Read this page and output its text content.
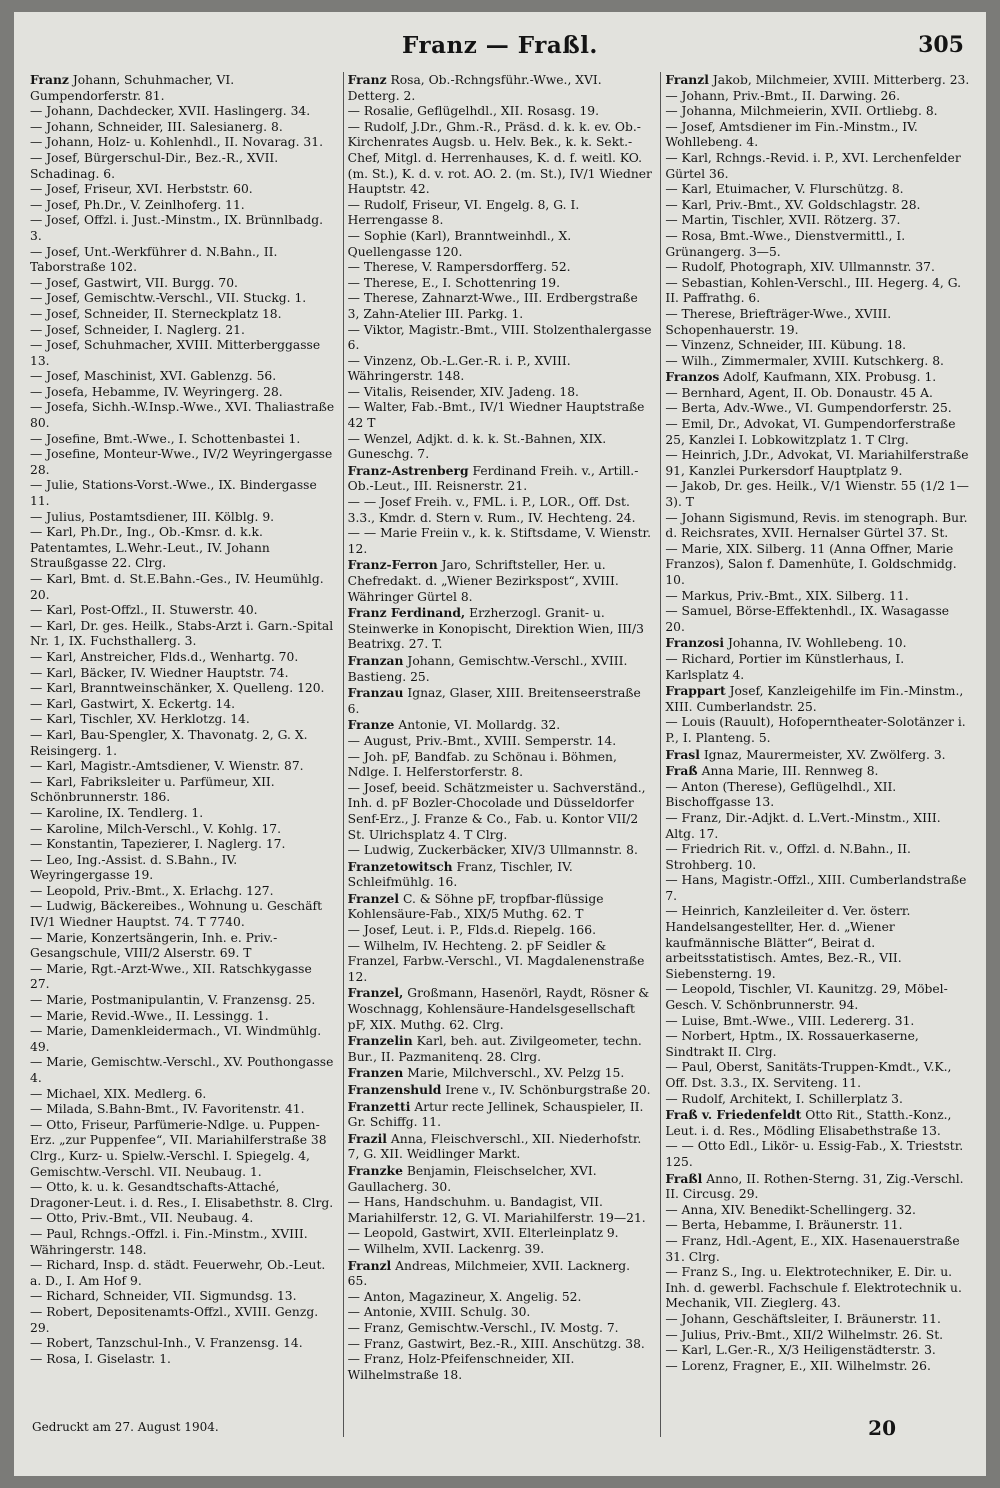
Franz — Fraßl.	305

Franz Johann, Schuhmacher, VI. Gumpendorferstr. 81.

— Johann, Dachdecker, XVII. Haslingerg. 34.

— Johann, Schneider, III. Salesianerg. 8.

— Johann, Holz- u. Kohlenhdl., II. Novarag. 31.

— Josef, Bürgerschul-Dir., Bez.-R., XVII. Schadinag. 6.

— Josef, Friseur, XVI. Herbststr. 60.

— Josef, Ph.Dr., V. Zeinlhoferg. 11.

— Josef, Offzl. i. Just.-Minstm., IX. Brünnlbadg. 3.

— Josef, Unt.-Werkführer d. N.Bahn., II. Taborstraße 102.

— Josef, Gastwirt, VII. Burgg. 70.

— Josef, Gemischtw.-Verschl., VII. Stuckg. 1.

— Josef, Schneider, II. Sterneckplatz 18.

— Josef, Schneider, I. Naglerg. 21.

— Josef, Schuhmacher, XVIII. Mitterberggasse 13.

— Josef, Maschinist, XVI. Gablenzg. 56.

— Josefa, Hebamme, IV. Weyringerg. 28.

— Josefa, Sichh.-W.Insp.-Wwe., XVI. Thaliastraße 80.

— Josefine, Bmt.-Wwe., I. Schottenbastei 1.

— Josefine, Monteur-Wwe., IV/2 Weyringergasse 28.

— Julie, Stations-Vorst.-Wwe., IX. Bindergasse 11.

— Julius, Postamtsdiener, III. Kölblg. 9.

— Karl, Ph.Dr., Ing., Ob.-Kmsr. d. k.k. Patentamtes, L.Wehr.-Leut., IV. Johann Straußgasse 22. Clrg.

— Karl, Bmt. d. St.E.Bahn.-Ges., IV. Heumühlg. 20.

— Karl, Post-Offzl., II. Stuwerstr. 40.

— Karl, Dr. ges. Heilk., Stabs-Arzt i. Garn.-Spital Nr. 1, IX. Fuchsthallerg. 3.

— Karl, Anstreicher, Flds.d., Wenhartg. 70.

— Karl, Bäcker, IV. Wiedner Hauptstr. 74.

— Karl, Branntweinschänker, X. Quelleng. 120.

— Karl, Gastwirt, X. Eckertg. 14.

— Karl, Tischler, XV. Herklotzg. 14.

— Karl, Bau-Spengler, X. Thavonatg. 2, G. X. Reisingerg. 1.

— Karl, Magistr.-Amtsdiener, V. Wienstr. 87.

— Karl, Fabriksleiter u. Parfümeur, XII. Schönbrunnerstr. 186.

— Karoline, IX. Tendlerg. 1.

— Karoline, Milch-Verschl., V. Kohlg. 17.

— Konstantin, Tapezierer, I. Naglerg. 17.

— Leo, Ing.-Assist. d. S.Bahn., IV. Weyringergasse 19.

— Leopold, Priv.-Bmt., X. Erlachg. 127.

— Ludwig, Bäckereibes., Wohnung u. Geschäft IV/1 Wiedner Hauptst. 74. T 7740.

— Marie, Konzertsängerin, Inh. e. Priv.-Gesangschule, VIII/2 Alserstr. 69. T

— Marie, Rgt.-Arzt-Wwe., XII. Ratschkygasse 27.

— Marie, Postmanipulantin, V. Franzensg. 25.

— Marie, Revid.-Wwe., II. Lessingg. 1.

— Marie, Damenkleidermach., VI. Windmühlg. 49.

— Marie, Gemischtw.-Verschl., XV. Pouthongasse 4.

— Michael, XIX. Medlerg. 6.

— Milada, S.Bahn-Bmt., IV. Favoritenstr. 41.

— Otto, Friseur, Parfümerie-Ndlge. u. Puppen-Erz. „zur Puppenfee“, VII. Mariahilferstraße 38 Clrg., Kurz- u. Spielw.-Verschl. I. Spiegelg. 4, Gemischtw.-Verschl. VII. Neubaug. 1.

— Otto, k. u. k. Gesandtschafts-Attaché, Dragoner-Leut. i. d. Res., I. Elisabethstr. 8. Clrg.

— Otto, Priv.-Bmt., VII. Neubaug. 4.

— Paul, Rchngs.-Offzl. i. Fin.-Minstm., XVIII. Währingerstr. 148.

— Richard, Insp. d. städt. Feuerwehr, Ob.-Leut. a. D., I. Am Hof 9.

— Richard, Schneider, VII. Sigmundsg. 13.

— Robert, Depositenamts-Offzl., XVIII. Genzg. 29.

— Robert, Tanzschul-Inh., V. Franzensg. 14.

— Rosa, I. Giselastr. 1.

Franz Rosa, Ob.-Rchngsführ.-Wwe., XVI. Detterg. 2.

— Rosalie, Geflügelhdl., XII. Rosasg. 19.

— Rudolf, J.Dr., Ghm.-R., Präsd. d. k. k. ev. Ob.-Kirchenrates Augsb. u. Helv. Bek., k. k. Sekt.-Chef, Mitgl. d. Herrenhauses, K. d. f. weitl. KO. (m. St.), K. d. v. rot. AO. 2. (m. St.), IV/1 Wiedner Hauptstr. 42.

— Rudolf, Friseur, VI. Engelg. 8, G. I. Herrengasse 8.

— Sophie (Karl), Branntweinhdl., X. Quellengasse 120.

— Therese, V. Rampersdorfferg. 52.

— Therese, E., I. Schottenring 19.

— Therese, Zahnarzt-Wwe., III. Erdbergstraße 3, Zahn-Atelier III. Parkg. 1.

— Viktor, Magistr.-Bmt., VIII. Stolzenthalergasse 6.

— Vinzenz, Ob.-L.Ger.-R. i. P., XVIII. Währingerstr. 148.

— Vitalis, Reisender, XIV. Jadeng. 18.

— Walter, Fab.-Bmt., IV/1 Wiedner Hauptstraße 42 T

— Wenzel, Adjkt. d. k. k. St.-Bahnen, XIX. Guneschg. 7.

Franz-Astrenberg Ferdinand Freih. v., Artill.-Ob.-Leut., III. Reisnerstr. 21.

— — Josef Freih. v., FML. i. P., LOR., Off. Dst. 3.3., Kmdr. d. Stern v. Rum., IV. Hechteng. 24.

— — Marie Freiin v., k. k. Stiftsdame, V. Wienstr. 12.

Franz-Ferron Jaro, Schriftsteller, Her. u. Chefredakt. d. „Wiener Bezirkspost“, XVIII. Währinger Gürtel 8.

Franz Ferdinand, Erzherzogl. Granit- u. Steinwerke in Konopischt, Direktion Wien, III/3 Beatrixg. 27. T.

Franzan Johann, Gemischtw.-Verschl., XVIII. Bastieng. 25.

Franzau Ignaz, Glaser, XIII. Breitenseerstraße 6.

Franze Antonie, VI. Mollardg. 32.

— August, Priv.-Bmt., XVIII. Semperstr. 14.

— Joh. pF, Bandfab. zu Schönau i. Böhmen, Ndlge. I. Helferstorferstr. 8.

— Josef, beeid. Schätzmeister u. Sachverständ., Inh. d. pF Bozler-Chocolade und Düsseldorfer Senf-Erz., J. Franze & Co., Fab. u. Kontor VII/2 St. Ulrichsplatz 4. T Clrg.

— Ludwig, Zuckerbäcker, XIV/3 Ullmannstr. 8.

Franzetowitsch Franz, Tischler, IV. Schleifmühlg. 16.

Franzel C. & Söhne pF, tropfbar-flüssige Kohlensäure-Fab., XIX/5 Muthg. 62. T

— Josef, Leut. i. P., Flds.d. Riepelg. 166.

— Wilhelm, IV. Hechteng. 2. pF Seidler & Franzel, Farbw.-Verschl., VI. Magdalenenstraße 12.

Franzel, Großmann, Hasenörl, Raydt, Rösner & Woschnagg, Kohlensäure-Handelsgesellschaft pF, XIX. Muthg. 62. Clrg.

Franzelin Karl, beh. aut. Zivilgeometer, techn. Bur., II. Pazmanitenq. 28. Clrg.

Franzen Marie, Milchverschl., XV. Pelzg 15.

Franzenshuld Irene v., IV. Schönburgstraße 20.

Franzetti Artur recte Jellinek, Schauspieler, II. Gr. Schiffg. 11.

Frazil Anna, Fleischverschl., XII. Niederhofstr. 7, G. XII. Weidlinger Markt.

Franzke Benjamin, Fleischselcher, XVI. Gaullacherg. 30.

— Hans, Handschuhm. u. Bandagist, VII. Mariahilferstr. 12, G. VI. Mariahilferstr. 19—21.

— Leopold, Gastwirt, XVII. Elterleinplatz 9.

— Wilhelm, XVII. Lackenrg. 39.

Franzl Andreas, Milchmeier, XVII. Lacknerg. 65.

— Anton, Magazineur, X. Angelig. 52.

— Antonie, XVIII. Schulg. 30.

— Franz, Gemischtw.-Verschl., IV. Mostg. 7.

— Franz, Gastwirt, Bez.-R., XIII. Anschützg. 38.

— Franz, Holz-Pfeifenschneider, XII. Wilhelmstraße 18.

Franzl Jakob, Milchmeier, XVIII. Mitterberg. 23.

— Johann, Priv.-Bmt., II. Darwing. 26.

— Johanna, Milchmeierin, XVII. Ortliebg. 8.

— Josef, Amtsdiener im Fin.-Minstm., IV. Wohllebeng. 4.

— Karl, Rchngs.-Revid. i. P., XVI. Lerchenfelder Gürtel 36.

— Karl, Etuimacher, V. Flurschützg. 8.

— Karl, Priv.-Bmt., XV. Goldschlagstr. 28.

— Martin, Tischler, XVII. Rötzerg. 37.

— Rosa, Bmt.-Wwe., Dienstvermittl., I. Grünangerg. 3—5.

— Rudolf, Photograph, XIV. Ullmannstr. 37.

— Sebastian, Kohlen-Verschl., III. Hegerg. 4, G. II. Paffrathg. 6.

— Therese, Briefträger-Wwe., XVIII. Schopenhauerstr. 19.

— Vinzenz, Schneider, III. Kübung. 18.

— Wilh., Zimmermaler, XVIII. Kutschkerg. 8.

Franzos Adolf, Kaufmann, XIX. Probusg. 1.

— Bernhard, Agent, II. Ob. Donaustr. 45 A.

— Berta, Adv.-Wwe., VI. Gumpendorferstr. 25.

— Emil, Dr., Advokat, VI. Gumpendorferstraße 25, Kanzlei I. Lobkowitzplatz 1. T Clrg.

— Heinrich, J.Dr., Advokat, VI. Mariahilferstraße 91, Kanzlei Purkersdorf Hauptplatz 9.

— Jakob, Dr. ges. Heilk., V/1 Wienstr. 55 (1/2 1—3). T

— Johann Sigismund, Revis. im stenograph. Bur. d. Reichsrates, XVII. Hernalser Gürtel 37. St.

— Marie, XIX. Silberg. 11 (Anna Offner, Marie Franzos), Salon f. Damenhüte, I. Goldschmidg. 10.

— Markus, Priv.-Bmt., XIX. Silberg. 11.

— Samuel, Börse-Effektenhdl., IX. Wasagasse 20.

Franzosi Johanna, IV. Wohllebeng. 10.

— Richard, Portier im Künstlerhaus, I. Karlsplatz 4.

Frappart Josef, Kanzleigehilfe im Fin.-Minstm., XIII. Cumberlandstr. 25.

— Louis (Rauult), Hofoperntheater-Solotänzer i. P., I. Planteng. 5.

Frasl Ignaz, Maurermeister, XV. Zwölferg. 3.

Fraß Anna Marie, III. Rennweg 8.

— Anton (Therese), Geflügelhdl., XII. Bischoffgasse 13.

— Franz, Dir.-Adjkt. d. L.Vert.-Minstm., XIII. Altg. 17.

— Friedrich Rit. v., Offzl. d. N.Bahn., II. Strohberg. 10.

— Hans, Magistr.-Offzl., XIII. Cumberlandstraße 7.

— Heinrich, Kanzleileiter d. Ver. österr. Handelsangestellter, Her. d. „Wiener kaufmännische Blätter“, Beirat d. arbeitsstatistisch. Amtes, Bez.-R., VII. Siebensterng. 19.

— Leopold, Tischler, VI. Kaunitzg. 29, Möbel-Gesch. V. Schönbrunnerstr. 94.

— Luise, Bmt.-Wwe., VIII. Ledererg. 31.

— Norbert, Hptm., IX. Rossauerkaserne, Sindtrakt II. Clrg.

— Paul, Oberst, Sanitäts-Truppen-Kmdt., V.K., Off. Dst. 3.3., IX. Serviteng. 11.

— Rudolf, Architekt, I. Schillerplatz 3.

Fraß v. Friedenfeldt Otto Rit., Statth.-Konz., Leut. i. d. Res., Mödling Elisabethstraße 13.

— — Otto Edl., Likör- u. Essig-Fab., X. Trieststr. 125.

Fraßl Anno, II. Rothen-Sterng. 31, Zig.-Verschl. II. Circusg. 29.

— Anna, XIV. Benedikt-Schellingerg. 32.

— Berta, Hebamme, I. Bräunerstr. 11.

— Franz, Hdl.-Agent, E., XIX. Hasenauerstraße 31. Clrg.

— Franz S., Ing. u. Elektrotechniker, E. Dir. u. Inh. d. gewerbl. Fachschule f. Elektrotechnik u. Mechanik, VII. Zieglerg. 43.

— Johann, Geschäftsleiter, I. Bräunerstr. 11.

— Julius, Priv.-Bmt., XII/2 Wilhelmstr. 26. St.

— Karl, L.Ger.-R., X/3 Heiligenstädterstr. 3.

— Lorenz, Fragner, E., XII. Wilhelmstr. 26.

Gedruckt am 27. August 1904.	20
